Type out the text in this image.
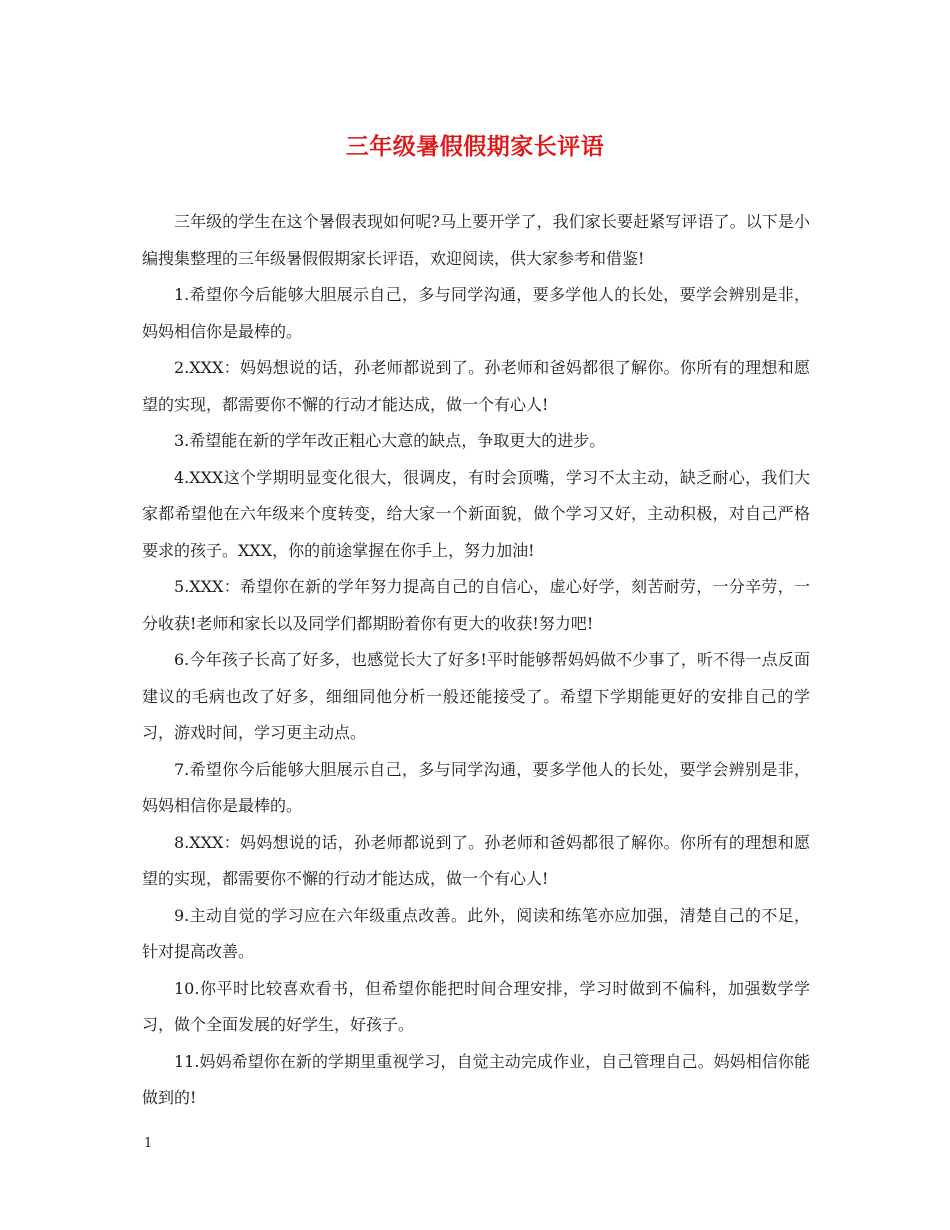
三年级暑假假期家长评语

三年级的学生在这个暑假表现如何呢?马上要开学了，我们家长要赶紧写评语了。以下是小编搜集整理的三年级暑假假期家长评语，欢迎阅读，供大家参考和借鉴!

1.希望你今后能够大胆展示自己，多与同学沟通，要多学他人的长处，要学会辨别是非，妈妈相信你是最棒的。

2.XXX：妈妈想说的话，孙老师都说到了。孙老师和爸妈都很了解你。你所有的理想和愿望的实现，都需要你不懈的行动才能达成，做一个有心人!

3.希望能在新的学年改正粗心大意的缺点，争取更大的进步。

4.XXX这个学期明显变化很大，很调皮，有时会顶嘴，学习不太主动，缺乏耐心，我们大家都希望他在六年级来个度转变，给大家一个新面貌，做个学习又好，主动积极，对自己严格要求的孩子。XXX，你的前途掌握在你手上，努力加油!

5.XXX：希望你在新的学年努力提高自己的自信心，虚心好学，刻苦耐劳，一分辛劳，一分收获!老师和家长以及同学们都期盼着你有更大的收获!努力吧!

6.今年孩子长高了好多，也感觉长大了好多!平时能够帮妈妈做不少事了，听不得一点反面建议的毛病也改了好多，细细同他分析一般还能接受了。希望下学期能更好的安排自己的学习，游戏时间，学习更主动点。

7.希望你今后能够大胆展示自己，多与同学沟通，要多学他人的长处，要学会辨别是非，妈妈相信你是最棒的。

8.XXX：妈妈想说的话，孙老师都说到了。孙老师和爸妈都很了解你。你所有的理想和愿望的实现，都需要你不懈的行动才能达成，做一个有心人!

9.主动自觉的学习应在六年级重点改善。此外，阅读和练笔亦应加强，清楚自己的不足，针对提高改善。

10.你平时比较喜欢看书，但希望你能把时间合理安排，学习时做到不偏科，加强数学学习，做个全面发展的好学生，好孩子。

11.妈妈希望你在新的学期里重视学习，自觉主动完成作业，自己管理自己。妈妈相信你能做到的!

1
